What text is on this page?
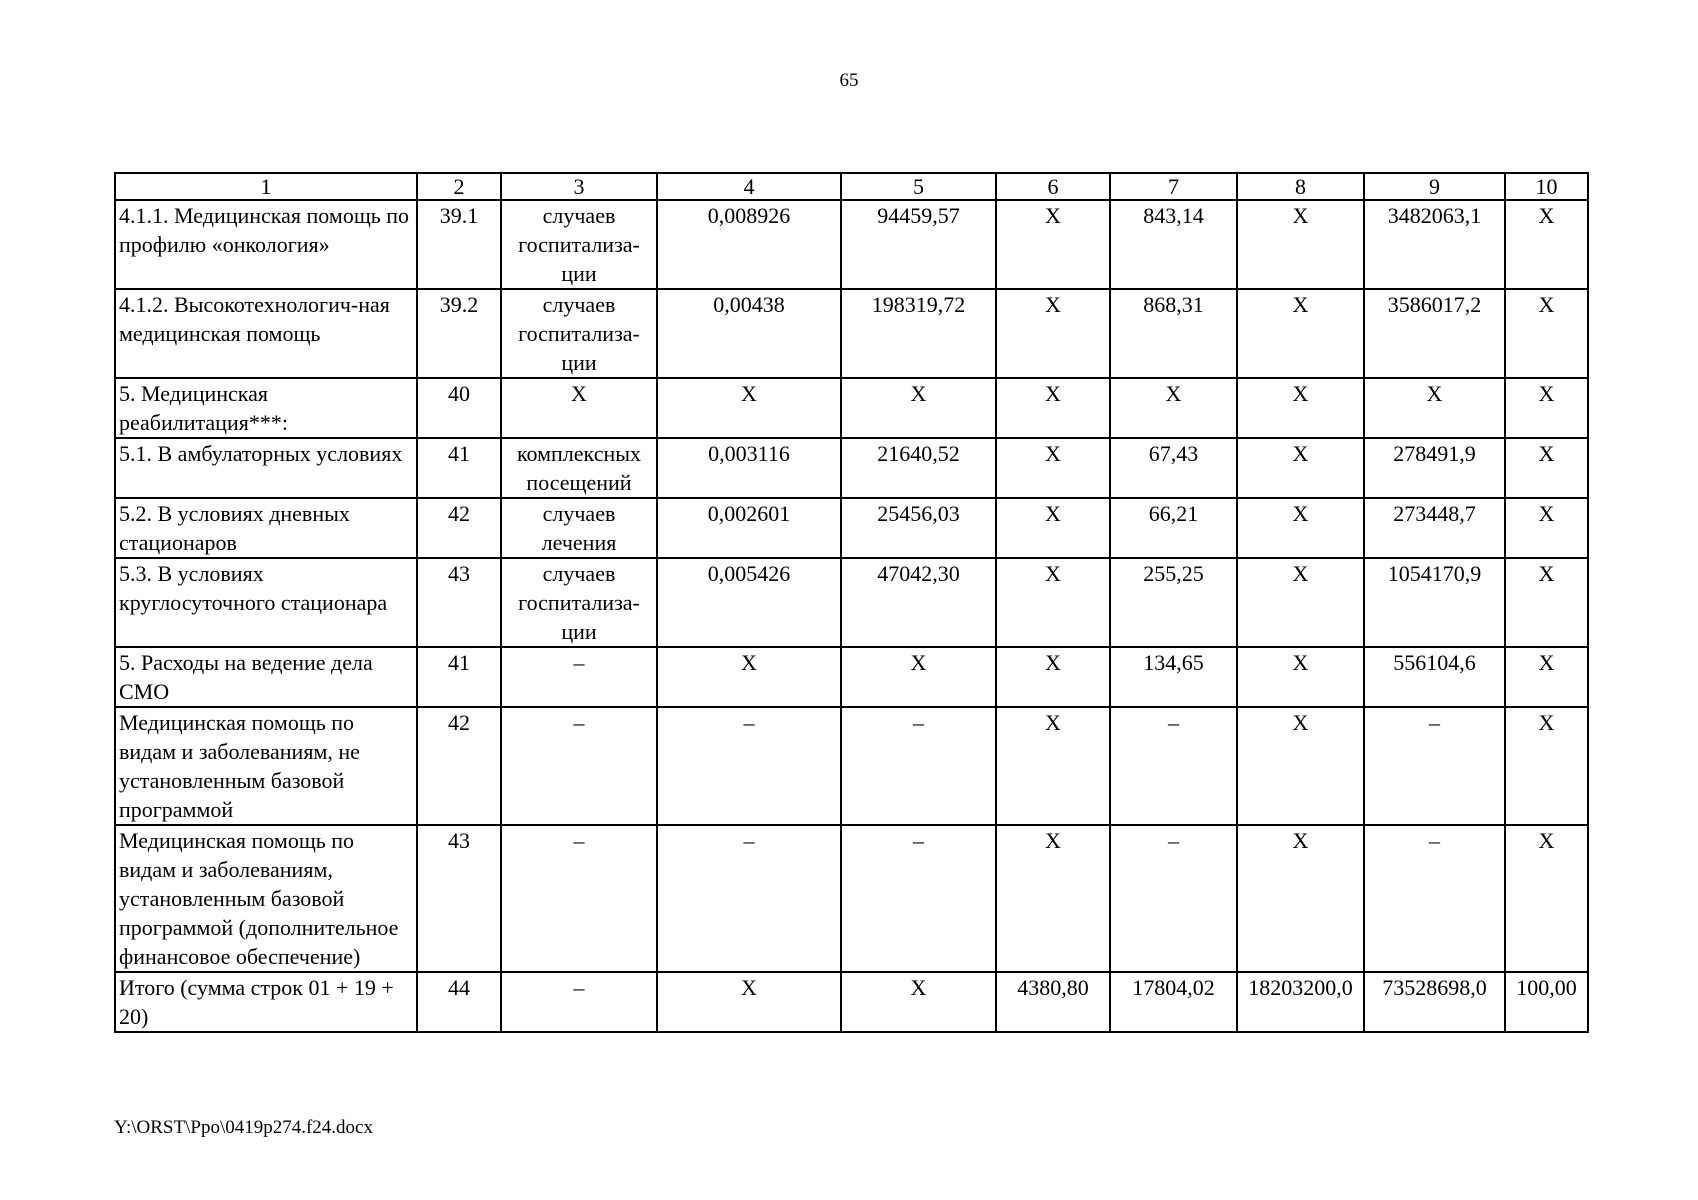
65
1	2	3	4	5	6	7	8	9	10
4.1.1. Медицинская помощь по профилю «онкология»	39.1	случаев госпитализа-ции	0,008926	94459,57	Х	843,14	Х	3482063,1	Х
4.1.2. Высокотехнологич-ная медицинская помощь	39.2	случаев госпитализа-ции	0,00438	198319,72	Х	868,31	Х	3586017,2	Х
5. Медицинская реабилитация***:	40	Х	Х	Х	Х	Х	Х	Х	Х
5.1. В амбулаторных условиях	41	комплексных посещений	0,003116	21640,52	Х	67,43	Х	278491,9	Х
5.2. В условиях дневных стационаров	42	случаев лечения	0,002601	25456,03	Х	66,21	Х	273448,7	Х
5.3. В условиях круглосуточного стационара	43	случаев госпитализа-ции	0,005426	47042,30	Х	255,25	Х	1054170,9	Х
5. Расходы на ведение дела СМО	41	–	Х	Х	Х	134,65	Х	556104,6	Х
Медицинская помощь по видам и заболеваниям, не установленным базовой программой	42	–	–	–	Х	–	Х	–	Х
Медицинская помощь по видам и заболеваниям, установленным базовой программой (дополнительное финансовое обеспечение)	43	–	–	–	Х	–	Х	–	Х
Итого (сумма строк 01 + 19 + 20)	44	–	Х	Х	4380,80	17804,02	18203200,0	73528698,0	100,00
Y:\ORST\Ppo\0419p274.f24.docx
